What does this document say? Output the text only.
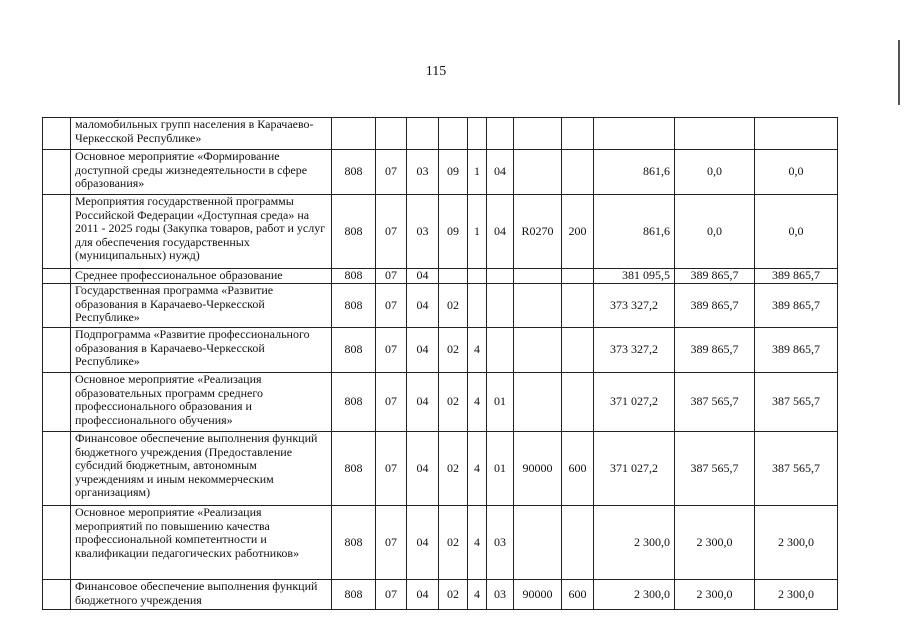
115
	маломобильных групп населения в Карачаево-Черкесской Республике»											
	Основное мероприятие «Формирование доступной среды жизнедеятельности в сфере образования»	808	07	03	09	1	04			861,6	0,0	0,0
	Мероприятия государственной программы Российской Федерации «Доступная среда» на 2011 - 2025 годы (Закупка товаров, работ и услуг для обеспечения государственных (муниципальных) нужд)	808	07	03	09	1	04	R0270	200	861,6	0,0	0,0
	Среднее профессиональное образование	808	07	04						381 095,5	389 865,7	389 865,7
	Государственная программа «Развитие образования в Карачаево-Черкесской Республике»	808	07	04	02					373 327,2	389 865,7	389 865,7
	Подпрограмма «Развитие профессионального образования в Карачаево-Черкесской Республике»	808	07	04	02	4				373 327,2	389 865,7	389 865,7
	Основное мероприятие «Реализация образовательных программ среднего профессионального образования и профессионального обучения»	808	07	04	02	4	01			371 027,2	387 565,7	387 565,7
	Финансовое обеспечение выполнения функций бюджетного учреждения (Предоставление субсидий бюджетным, автономным учреждениям и иным некоммерческим организациям)	808	07	04	02	4	01	90000	600	371 027,2	387 565,7	387 565,7
	Основное мероприятие «Реализация мероприятий по повышению качества профессиональной компетентности и квалификации педагогических работников»	808	07	04	02	4	03			2 300,0	2 300,0	2 300,0
	Финансовое обеспечение выполнения функций бюджетного учреждения	808	07	04	02	4	03	90000	600	2 300,0	2 300,0	2 300,0
